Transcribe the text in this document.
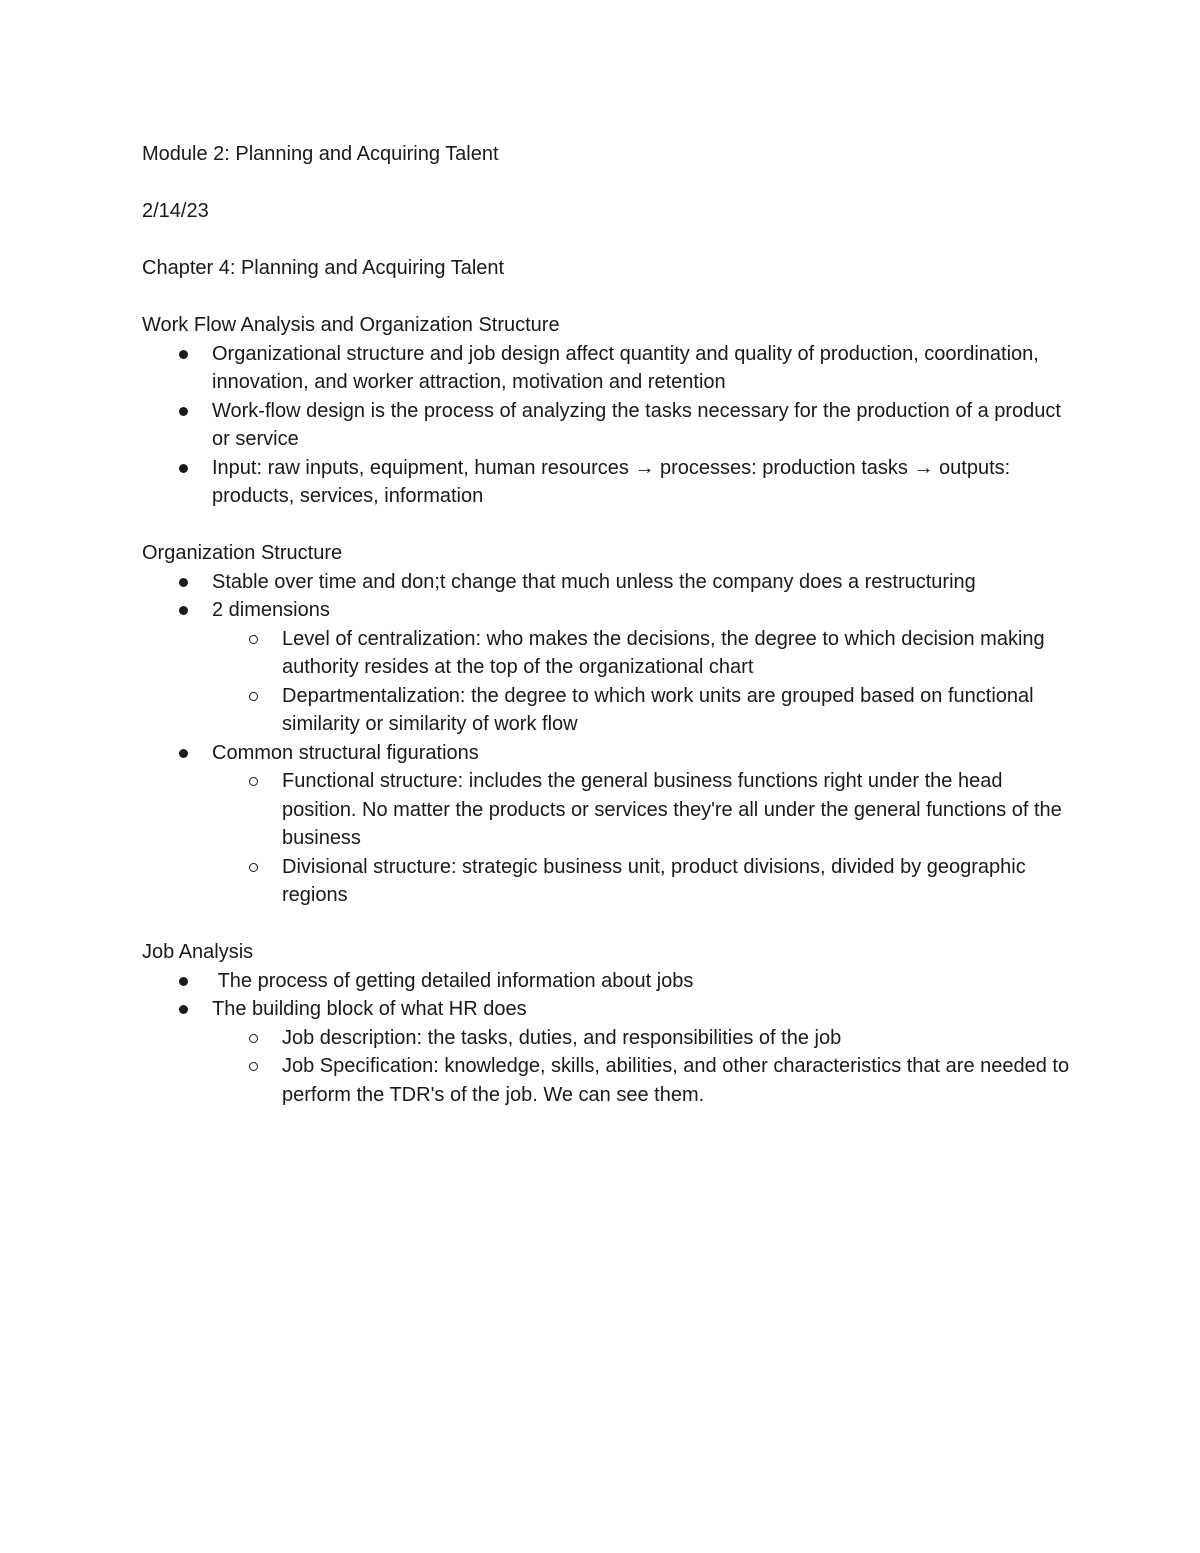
Module 2: Planning and Acquiring Talent

2/14/23

Chapter 4: Planning and Acquiring Talent

Work Flow Analysis and Organization Structure

Organizational structure and job design affect quantity and quality of production, coordination, innovation, and worker attraction, motivation and retention
Work-flow design is the process of analyzing the tasks necessary for the production of a product or service
Input: raw inputs, equipment, human resources → processes: production tasks → outputs: products, services, information

Organization Structure

Stable over time and don;t change that much unless the company does a restructuring
2 dimensions
Level of centralization: who makes the decisions, the degree to which decision making authority resides at the top of the organizational chart
Departmentalization: the degree to which work units are grouped based on functional similarity or similarity of work flow
Common structural figurations
Functional structure: includes the general business functions right under the head position. No matter the products or services they're all under the general functions of the business
Divisional structure: strategic business unit, product divisions, divided by geographic regions

Job Analysis

The process of getting detailed information about jobs
The building block of what HR does
Job description: the tasks, duties, and responsibilities of the job
Job Specification: knowledge, skills, abilities, and other characteristics that are needed to perform the TDR's of the job. We can see them.
